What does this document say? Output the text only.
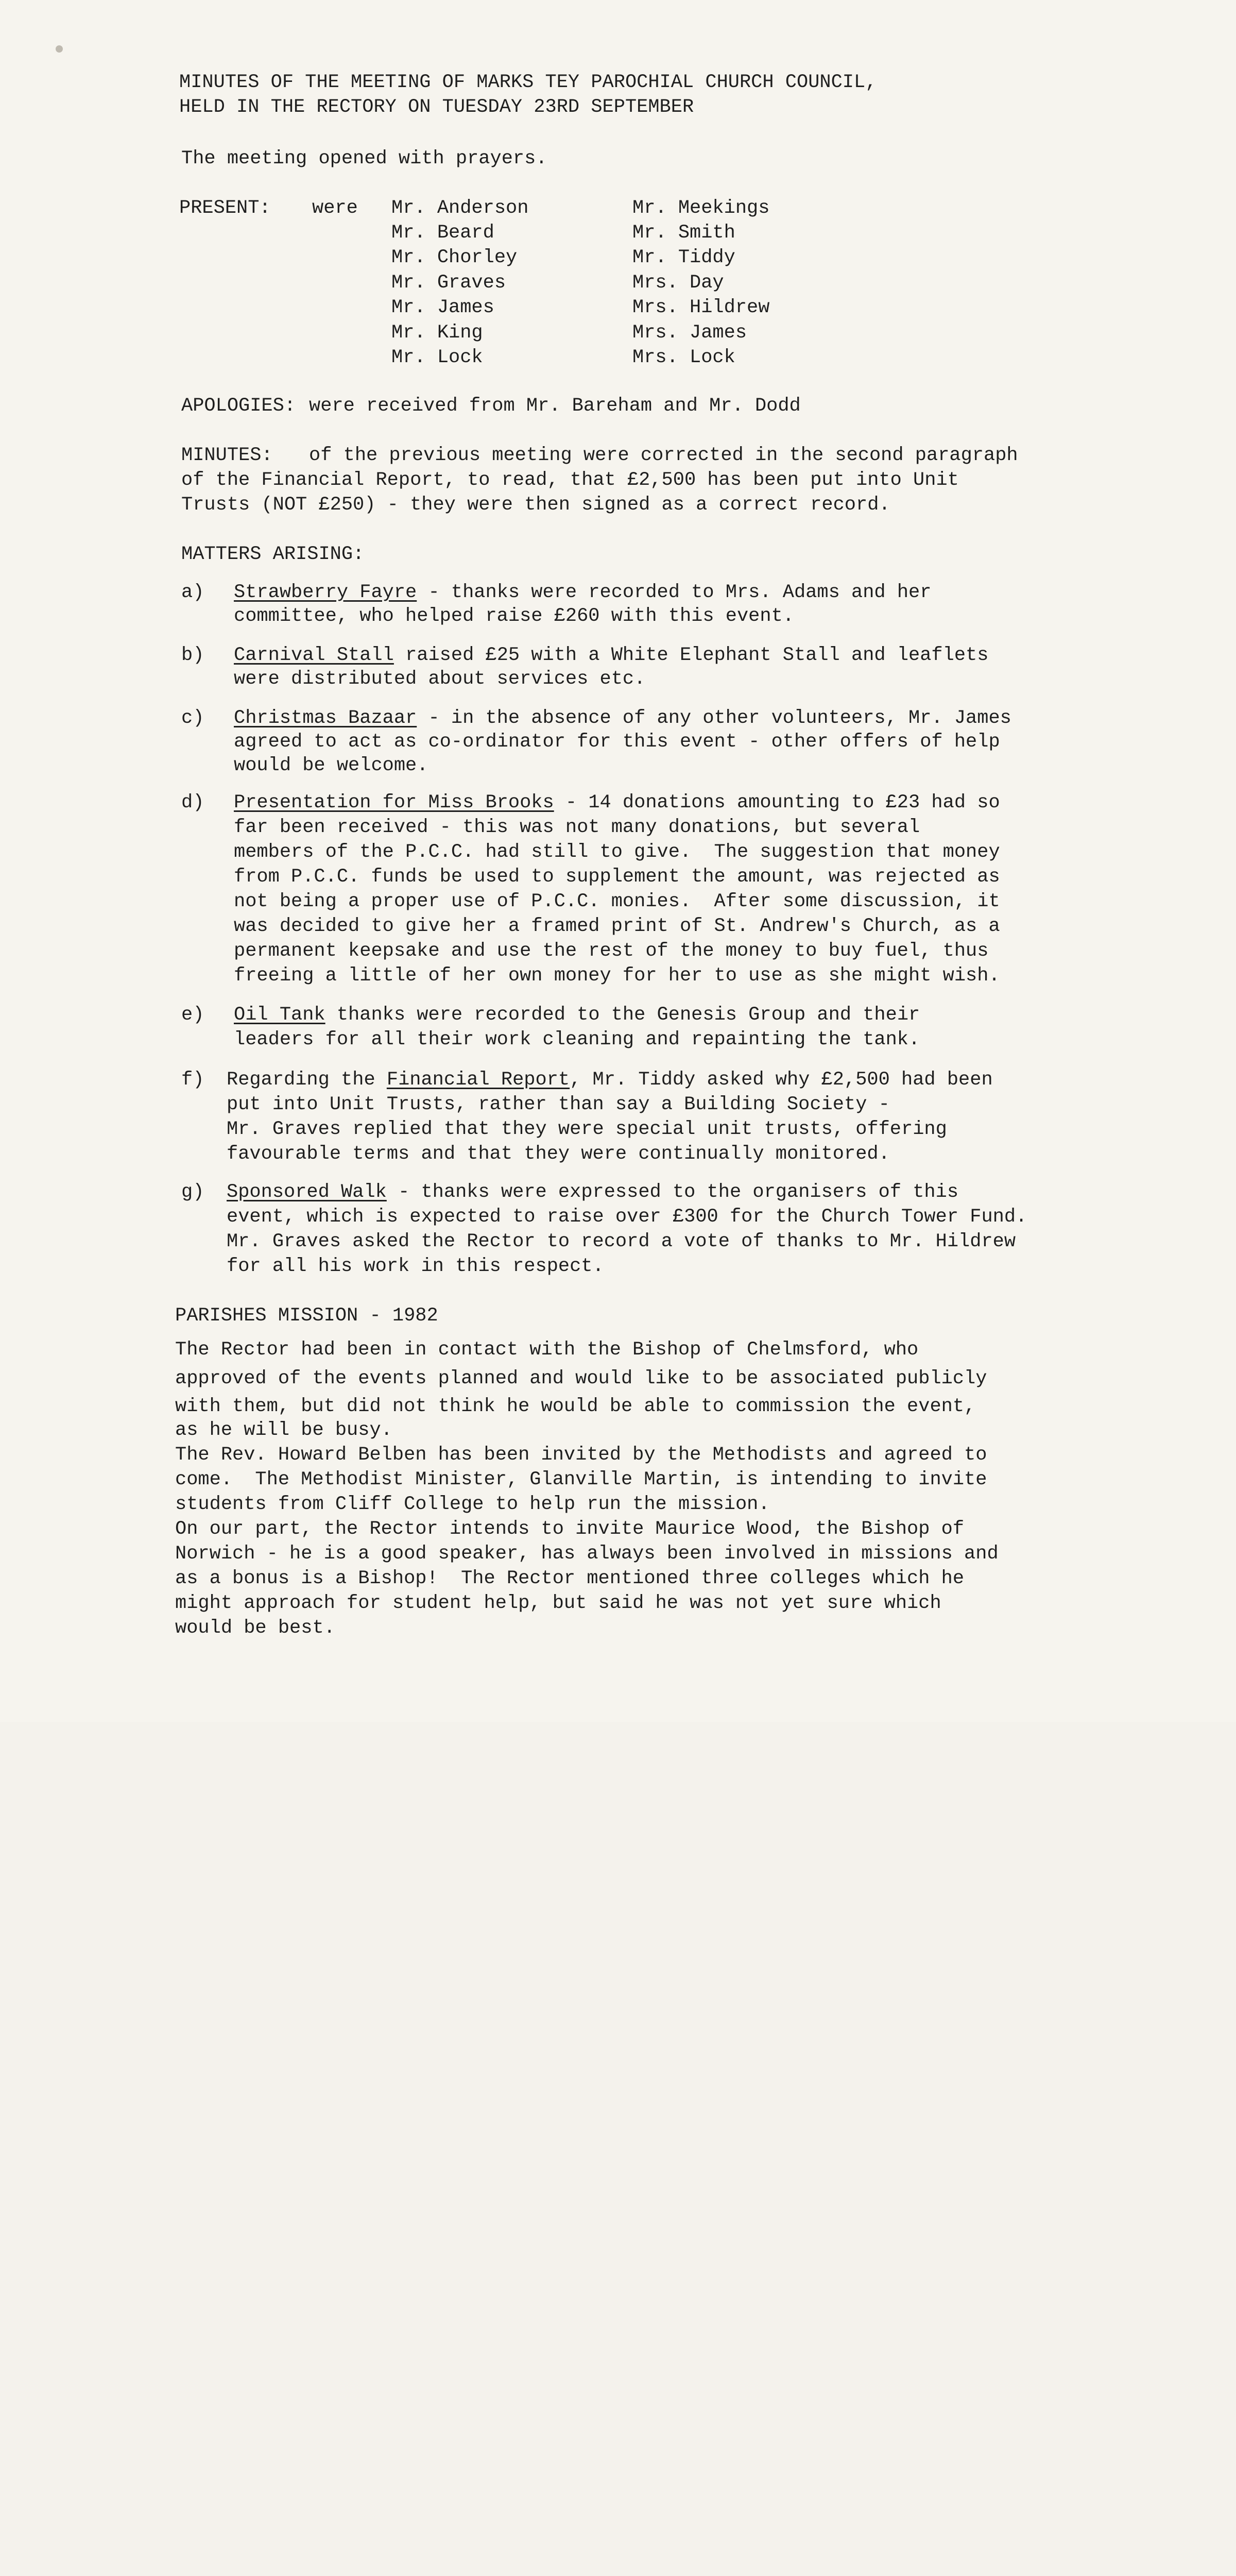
MINUTES OF THE MEETING OF MARKS TEY PAROCHIAL CHURCH COUNCIL,

HELD IN THE RECTORY ON TUESDAY 23RD SEPTEMBER

The meeting opened with prayers.

PRESENT:

were

Mr. Anderson

Mr. Beard

Mr. Chorley

Mr. Graves

Mr. James

Mr. King

Mr. Lock

Mr. Meekings

Mr. Smith

Mr. Tiddy

Mrs. Day

Mrs. Hildrew

Mrs. James

Mrs. Lock

APOLOGIES:

were received from Mr. Bareham and Mr. Dodd

MINUTES:

of the previous meeting were corrected in the second paragraph

of the Financial Report, to read, that £2,500 has been put into Unit

Trusts (NOT £250) - they were then signed as a correct record.

MATTERS ARISING:

a)

Strawberry Fayre - thanks were recorded to Mrs. Adams and her

committee, who helped raise £260 with this event.

b)

Carnival Stall raised £25 with a White Elephant Stall and leaflets

were distributed about services etc.

c)

Christmas Bazaar - in the absence of any other volunteers, Mr. James

agreed to act as co-ordinator for this event - other offers of help

would be welcome.

d)

Presentation for Miss Brooks - 14 donations amounting to £23 had so

far been received - this was not many donations, but several

members of the P.C.C. had still to give.  The suggestion that money

from P.C.C. funds be used to supplement the amount, was rejected as

not being a proper use of P.C.C. monies.  After some discussion, it

was decided to give her a framed print of St. Andrew's Church, as a

permanent keepsake and use the rest of the money to buy fuel, thus

freeing a little of her own money for her to use as she might wish.

e)

Oil Tank thanks were recorded to the Genesis Group and their

leaders for all their work cleaning and repainting the tank.

f)

Regarding the Financial Report, Mr. Tiddy asked why £2,500 had been

put into Unit Trusts, rather than say a Building Society -

Mr. Graves replied that they were special unit trusts, offering

favourable terms and that they were continually monitored.

g)

Sponsored Walk - thanks were expressed to the organisers of this

event, which is expected to raise over £300 for the Church Tower Fund.

Mr. Graves asked the Rector to record a vote of thanks to Mr. Hildrew

for all his work in this respect.

PARISHES MISSION - 1982

The Rector had been in contact with the Bishop of Chelmsford, who

approved of the events planned and would like to be associated publicly

with them, but did not think he would be able to commission the event,

as he will be busy.

The Rev. Howard Belben has been invited by the Methodists and agreed to

come.  The Methodist Minister, Glanville Martin, is intending to invite

students from Cliff College to help run the mission.

On our part, the Rector intends to invite Maurice Wood, the Bishop of

Norwich - he is a good speaker, has always been involved in missions and

as a bonus is a Bishop!  The Rector mentioned three colleges which he

might approach for student help, but said he was not yet sure which

would be best.
